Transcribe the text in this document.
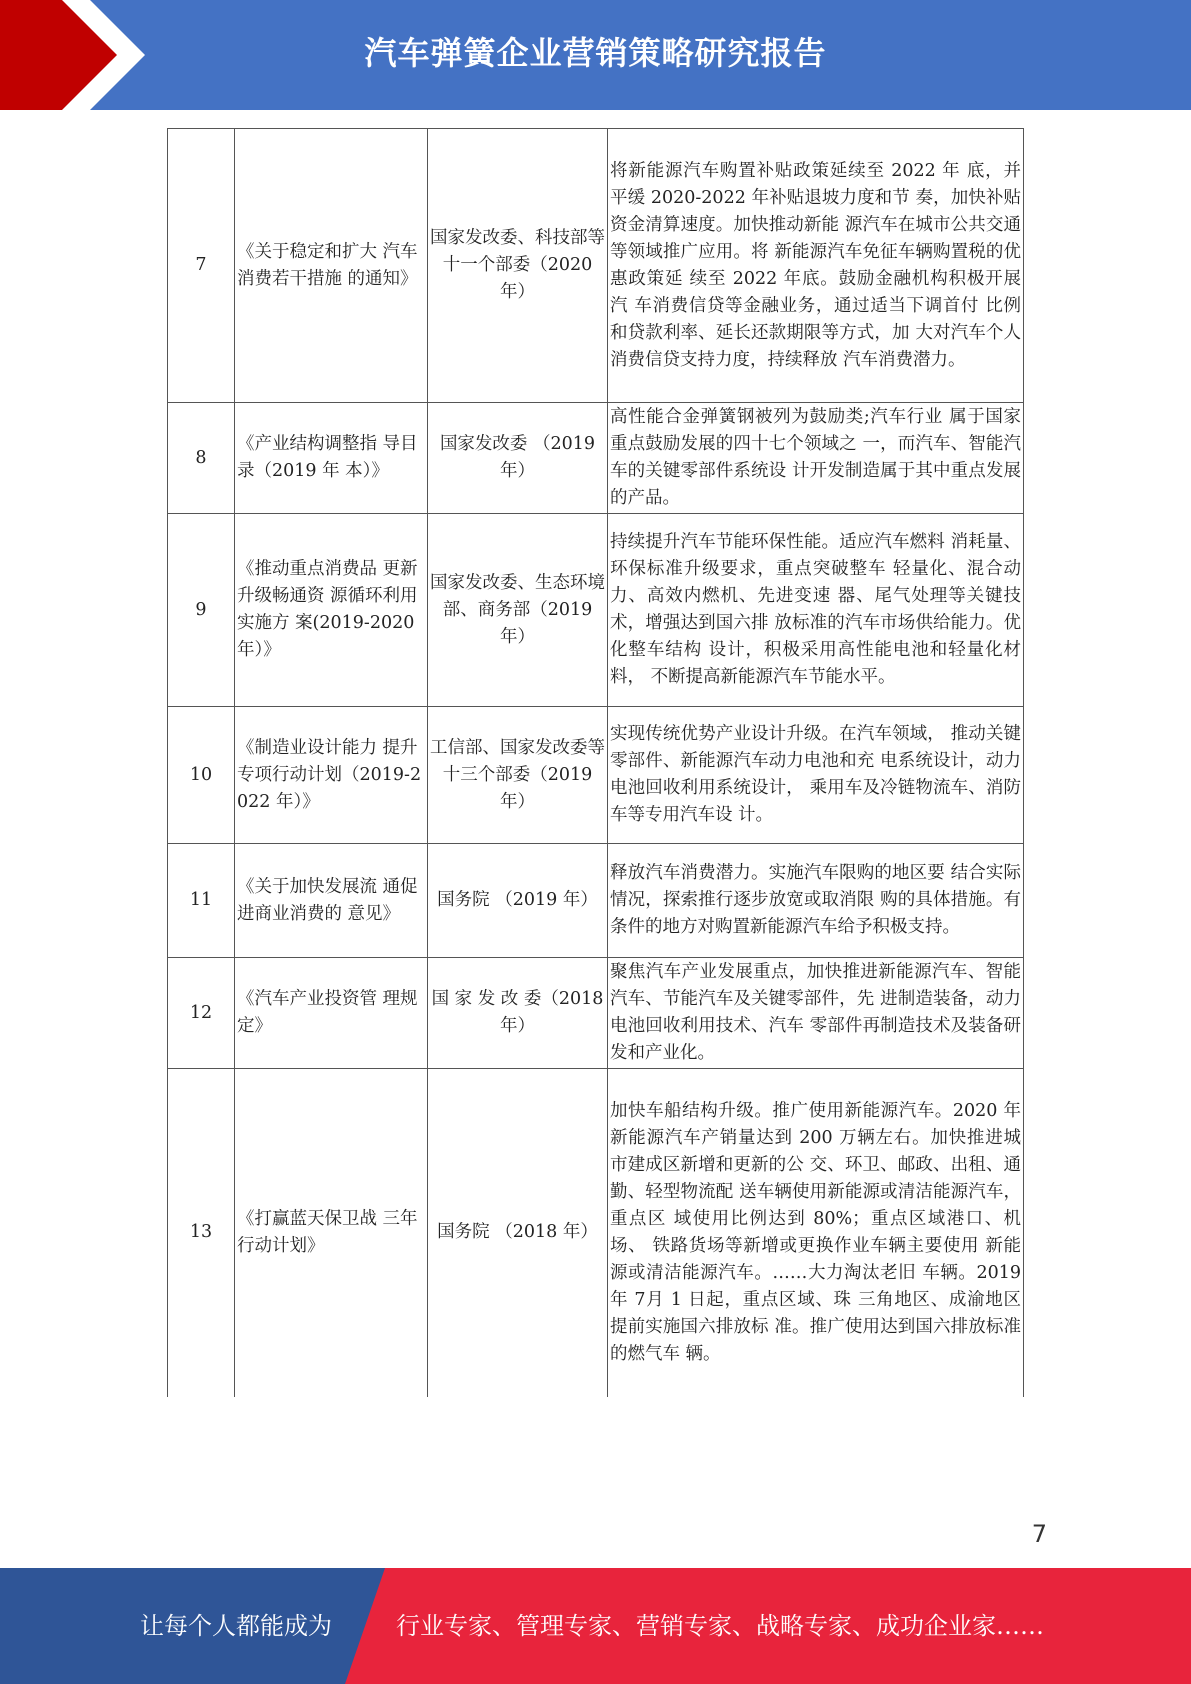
汽车弹簧企业营销策略研究报告
7	《关于稳定和扩大 汽车消费若干措施 的通知》	国家发改委、科技部等十一个部委（2020 年）	将新能源汽车购置补贴政策延续至 2022 年 底，并平缓 2020-2022 年补贴退坡力度和节 奏，加快补贴资金清算速度。加快推动新能 源汽车在城市公共交通等领域推广应用。将 新能源汽车免征车辆购置税的优惠政策延 续至 2022 年底。鼓励金融机构积极开展汽 车消费信贷等金融业务，通过适当下调首付 比例和贷款利率、延长还款期限等方式，加 大对汽车个人消费信贷支持力度，持续释放 汽车消费潜力。
8	《产业结构调整指 导目录（2019 年 本）》	国家发改委 （2019 年）	高性能合金弹簧钢被列为鼓励类;汽车行业 属于国家重点鼓励发展的四十七个领域之 一，而汽车、智能汽车的关键零部件系统设 计开发制造属于其中重点发展的产品。
9	《推动重点消费品 更新升级畅通资 源循环利用实施方 案(2019-2020 年）》	国家发改委、生态环境部、商务部（2019 年）	持续提升汽车节能环保性能。适应汽车燃料 消耗量、环保标准升级要求，重点突破整车 轻量化、混合动力、高效内燃机、先进变速 器、尾气处理等关键技术，增强达到国六排 放标准的汽车市场供给能力。优化整车结构 设计，积极采用高性能电池和轻量化材料， 不断提高新能源汽车节能水平。
10	《制造业设计能力 提升专项行动计划（2019-2022 年）》	工信部、国家发改委等十三个部委（2019 年）	实现传统优势产业设计升级。在汽车领域， 推动关键零部件、新能源汽车动力电池和充 电系统设计，动力电池回收利用系统设计， 乘用车及冷链物流车、消防车等专用汽车设 计。
11	《关于加快发展流 通促进商业消费的 意见》	国务院 （2019 年）	释放汽车消费潜力。实施汽车限购的地区要 结合实际情况，探索推行逐步放宽或取消限 购的具体措施。有条件的地方对购置新能源汽车给予积极支持。
12	《汽车产业投资管 理规定》	国 家 发 改 委（2018 年）	聚焦汽车产业发展重点，加快推进新能源汽车、智能汽车、节能汽车及关键零部件，先 进制造装备，动力电池回收利用技术、汽车 零部件再制造技术及装备研发和产业化。
13	《打赢蓝天保卫战 三年行动计划》	国务院 （2018 年）	加快车船结构升级。推广使用新能源汽车。2020 年新能源汽车产销量达到 200 万辆左右。加快推进城市建成区新增和更新的公 交、环卫、邮政、出租、通勤、轻型物流配 送车辆使用新能源或清洁能源汽车，重点区 域使用比例达到 80%；重点区域港口、机场、 铁路货场等新增或更换作业车辆主要使用 新能源或清洁能源汽车。……大力淘汰老旧 车辆。2019 年 7月 1 日起，重点区域、珠 三角地区、成渝地区提前实施国六排放标 准。推广使用达到国六排放标准的燃气车 辆。
7
让每个人都能成为	行业专家、管理专家、营销专家、战略专家、成功企业家……
